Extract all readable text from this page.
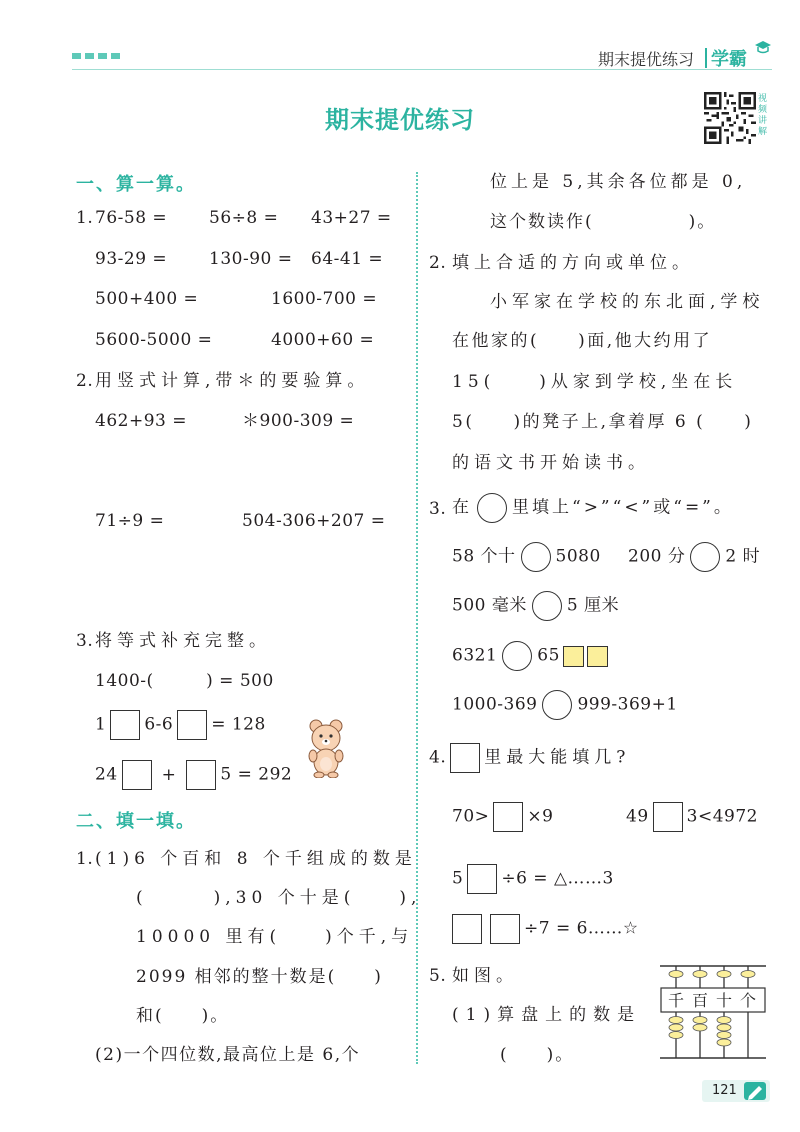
期末提优练习 学霸
期末提优练习
视频讲解
一、算一算。
1. 76-58 = 56÷8 = 43+27 =
93-29 = 130-90 = 64-41 =
500+400 =	1600-700 =
5600-5000 =	4000+60 =
2. 用竖式计算,带＊的要验算。
462+93 =	＊900-309 =
71÷9 =	504-306+207 =
3. 将等式补充完整。
1400-(　　　) = 500
1 6-6 = 128
24	+	5 = 292
二、填一填。
1. (1)6 个百和 8 个千组成的数是
(　　　),30 个十是(　　),
10000 里有(　　)个千,与
2099 相邻的整十数是(　　)
和(　　)。
(2)一个四位数,最高位上是 6,个
位上是 5,其余各位都是 0,
这个数读作(　　　　　)。
2. 填上合适的方向或单位。
小军家在学校的东北面,学校
在他家的(　　)面,他大约用了
15(　　)从家到学校,坐在长
5(　　)的凳子上,拿着厚 6 (　　)
的语文书开始读书。
3. 在 里填上“>”“<”或“=”。
58 个十 5080 200 分 2 时
500 毫米 5 厘米
6321 65
1000-369 999-369+1
4. 里最大能填几?
70> ×9	49 3<4972
5 ÷6 = △……3
÷7 = 6……☆
5. 如图。
(1)算盘上的数是
(　　)。
千 百 十 个
121
